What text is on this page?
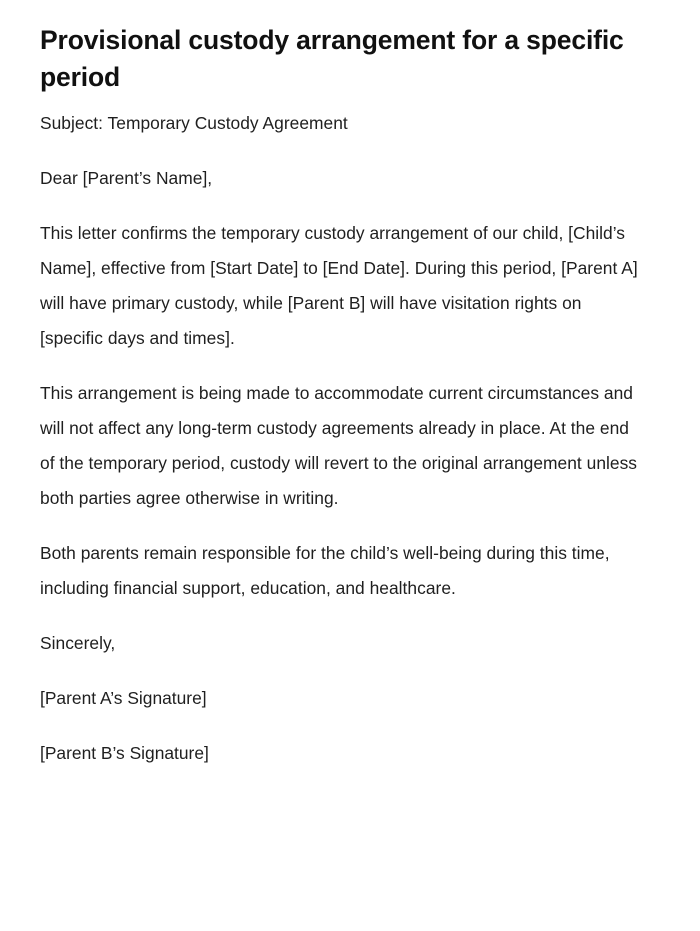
Provisional custody arrangement for a specific period

Subject: Temporary Custody Agreement

Dear [Parent’s Name],

This letter confirms the temporary custody arrangement of our child, [Child’s Name], effective from [Start Date] to [End Date]. During this period, [Parent A] will have primary custody, while [Parent B] will have visitation rights on [specific days and times].

This arrangement is being made to accommodate current circumstances and will not affect any long-term custody agreements already in place. At the end of the temporary period, custody will revert to the original arrangement unless both parties agree otherwise in writing.

Both parents remain responsible for the child’s well-being during this time, including financial support, education, and healthcare.

Sincerely,

[Parent A’s Signature]

[Parent B’s Signature]
